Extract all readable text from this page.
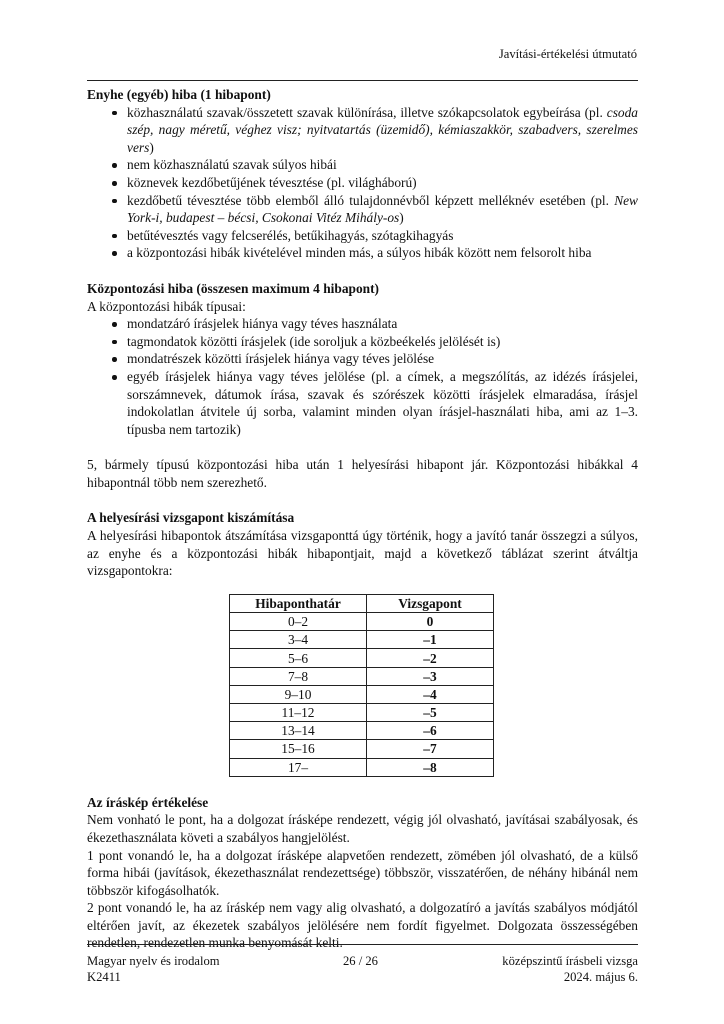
Javítási-értékelési útmutató
Enyhe (egyéb) hiba (1 hibapont)
közhasználatú szavak/összetett szavak különírása, illetve szókapcsolatok egybeírása (pl. csoda szép, nagy méretű, véghez visz; nyitvatartás (üzemidő), kémiaszakkör, szabadvers, szerelmes vers)
nem közhasználatú szavak súlyos hibái
köznevek kezdőbetűjének tévesztése (pl. világháború)
kezdőbetű tévesztése több elemből álló tulajdonnévből képzett melléknév esetében (pl. New York-i, budapest – bécsi, Csokonai Vitéz Mihály-os)
betűtévesztés vagy felcserélés, betűkihagyás, szótagkihagyás
a központozási hibák kivételével minden más, a súlyos hibák között nem felsorolt hiba
Központozási hiba (összesen maximum 4 hibapont)

A központozási hibák típusai:

mondatzáró írásjelek hiánya vagy téves használata
tagmondatok közötti írásjelek (ide soroljuk a közbeékelés jelölését is)
mondatrészek közötti írásjelek hiánya vagy téves jelölése
egyéb írásjelek hiánya vagy téves jelölése (pl. a címek, a megszólítás, az idézés írásjelei, sorszámnevek, dátumok írása, szavak és szórészek közötti írásjelek elmaradása, írásjel indokolatlan átvitele új sorba, valamint minden olyan írásjel-használati hiba, ami az 1–3. típusba nem tartozik)

5, bármely típusú központozási hiba után 1 helyesírási hibapont jár. Központozási hibákkal 4 hibapontnál több nem szerezhető.

A helyesírási vizsgapont kiszámítása

A helyesírási hibapontok átszámítása vizsgaponttá úgy történik, hogy a javító tanár összegzi a súlyos, az enyhe és a központozási hibák hibapontjait, majd a következő táblázat szerint átváltja vizsgapontokra:

Hibaponthatár	Vizsgapont
0–2	0
3–4	–1
5–6	–2
7–8	–3
9–10	–4
11–12	–5
13–14	–6
15–16	–7
17–	–8
Az íráskép értékelése

Nem vonható le pont, ha a dolgozat írásképe rendezett, végig jól olvasható, javításai szabályosak, és ékezethasználata követi a szabályos hangjelölést.

1 pont vonandó le, ha a dolgozat írásképe alapvetően rendezett, zömében jól olvasható, de a külső forma hibái (javítások, ékezethasználat rendezettsége) többször, visszatérően, de néhány hibánál nem többször kifogásolhatók.

2 pont vonandó le, ha az íráskép nem vagy alig olvasható, a dolgozatíró a javítás szabályos módjától eltérően javít, az ékezetek szabályos jelölésére nem fordít figyelmet. Dolgozata összességében rendetlen, rendezetlen munka benyomását kelti.

Magyar nyelv és irodalom
K2411
26 / 26	középszintű írásbeli vizsga
2024. május 6.
